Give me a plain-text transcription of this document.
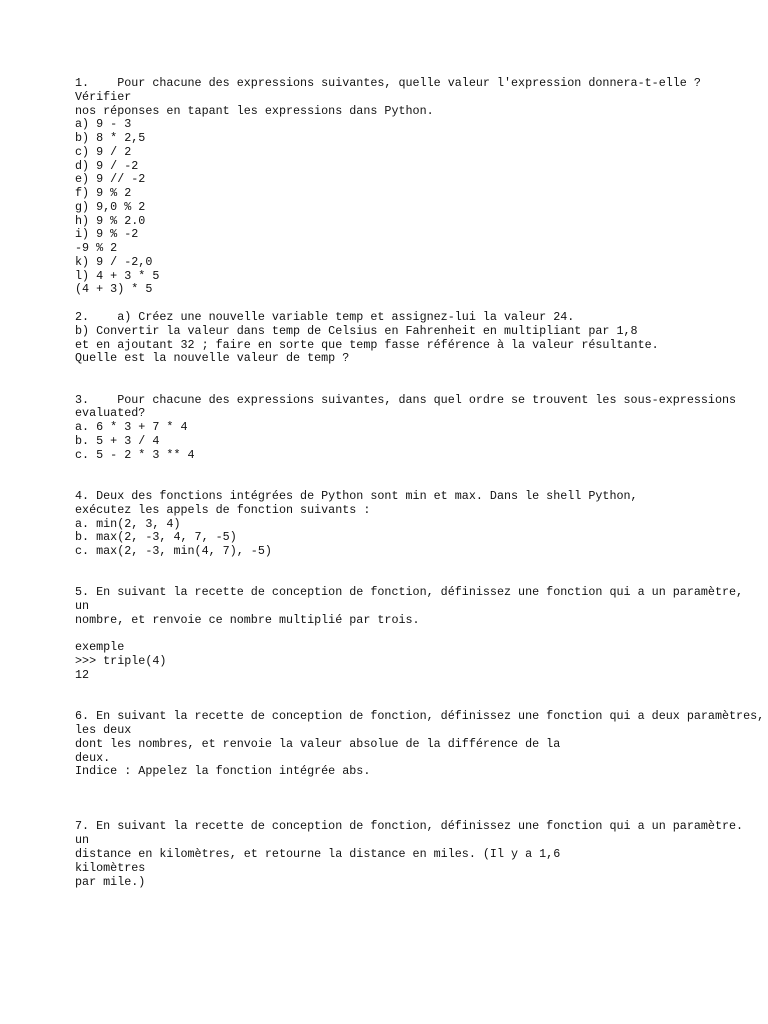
1.    Pour chacune des expressions suivantes, quelle valeur l'expression donnera-t-elle ?
Vérifier
nos réponses en tapant les expressions dans Python.
a) 9 - 3
b) 8 * 2,5
c) 9 / 2
d) 9 / -2
e) 9 // -2
f) 9 % 2
g) 9,0 % 2
h) 9 % 2.0
i) 9 % -2
-9 % 2
k) 9 / -2,0
l) 4 + 3 * 5
(4 + 3) * 5
2.    a) Créez une nouvelle variable temp et assignez-lui la valeur 24.
b) Convertir la valeur dans temp de Celsius en Fahrenheit en multipliant par 1,8
et en ajoutant 32 ; faire en sorte que temp fasse référence à la valeur résultante.
Quelle est la nouvelle valeur de temp ?
3.    Pour chacune des expressions suivantes, dans quel ordre se trouvent les sous-expressions
evaluated?
a. 6 * 3 + 7 * 4
b. 5 + 3 / 4
c. 5 - 2 * 3 ** 4
4. Deux des fonctions intégrées de Python sont min et max. Dans le shell Python,
exécutez les appels de fonction suivants :
a. min(2, 3, 4)
b. max(2, -3, 4, 7, -5)
c. max(2, -3, min(4, 7), -5)
5. En suivant la recette de conception de fonction, définissez une fonction qui a un paramètre,
un
nombre, et renvoie ce nombre multiplié par trois.
exemple
>>> triple(4)
12
6. En suivant la recette de conception de fonction, définissez une fonction qui a deux paramètres,
les deux
dont les nombres, et renvoie la valeur absolue de la différence de la
deux.
Indice : Appelez la fonction intégrée abs.
7. En suivant la recette de conception de fonction, définissez une fonction qui a un paramètre.
un
distance en kilomètres, et retourne la distance en miles. (Il y a 1,6
kilomètres
par mile.)
